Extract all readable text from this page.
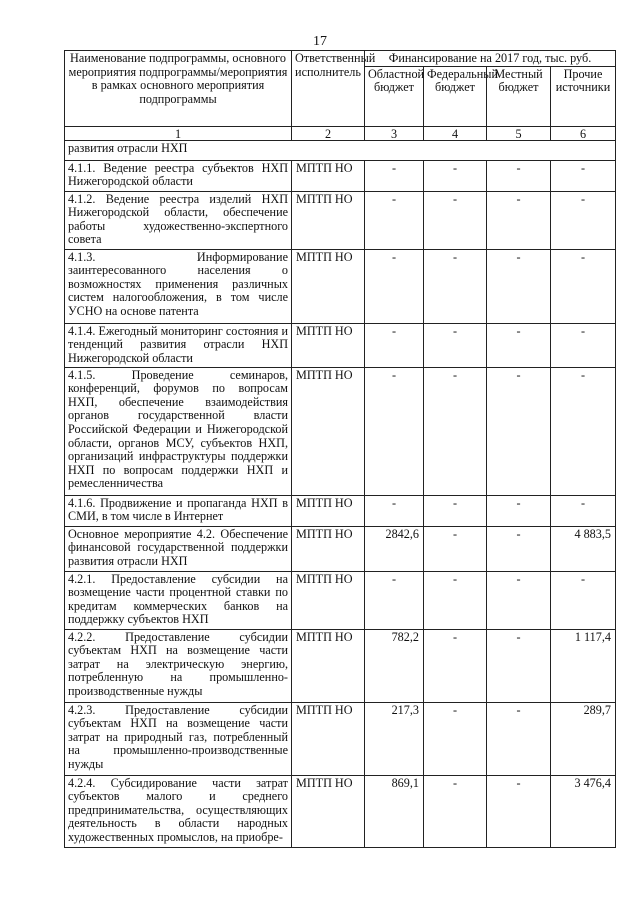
17
Наименование подпрограммы, основного мероприятия подпрограммы/мероприятия в рамках основного мероприятия подпрограммы	Ответственный исполнитель	Финансирование на 2017 год, тыс. руб.			
		Областной бюджет	Федеральный бюджет	Местный бюджет	Прочие источники
1	2	3	4	5	6
развития отрасли НХП					
4.1.1. Ведение реестра субъектов НХП Нижегородской области	МПТП НО	-	-	-	-
4.1.2. Ведение реестра изделий НХП Нижегородской области, обеспечение работы художественно-экспертного совета	МПТП НО	-	-	-	-
4.1.3. Информирование заинтересованного населения о возможностях применения различных систем налогообложения, в том числе УСНО на основе патента	МПТП НО	-	-	-	-
4.1.4. Ежегодный мониторинг состояния и тенденций развития отрасли НХП Нижегородской области	МПТП НО	-	-	-	-
4.1.5. Проведение семинаров, конференций, форумов по вопросам НХП, обеспечение взаимодействия органов государственной власти Российской Федерации и Нижегородской области, органов МСУ, субъектов НХП, организаций инфраструктуры поддержки НХП по вопросам поддержки НХП и ремесленничества	МПТП НО	-	-	-	-
4.1.6. Продвижение и пропаганда НХП в СМИ, в том числе в Интернет	МПТП НО	-	-	-	-
Основное мероприятие 4.2. Обеспечение финансовой государственной поддержки развития отрасли НХП	МПТП НО	2842,6	-	-	4 883,5
4.2.1. Предоставление субсидии на возмещение части процентной ставки по кредитам коммерческих банков на поддержку субъектов НХП	МПТП НО	-	-	-	-
4.2.2. Предоставление субсидии субъектам НХП на возмещение части затрат на электрическую энергию, потребленную на промышленно-производственные нужды	МПТП НО	782,2	-	-	1 117,4
4.2.3. Предоставление субсидии субъектам НХП на возмещение части затрат на природный газ, потребленный на промышленно-производственные нужды	МПТП НО	217,3	-	-	289,7
4.2.4. Субсидирование части затрат субъектов малого и среднего предпринимательства, осуществляющих деятельность в области народных художественных промыслов, на приобре-	МПТП НО	869,1	-	-	3 476,4
